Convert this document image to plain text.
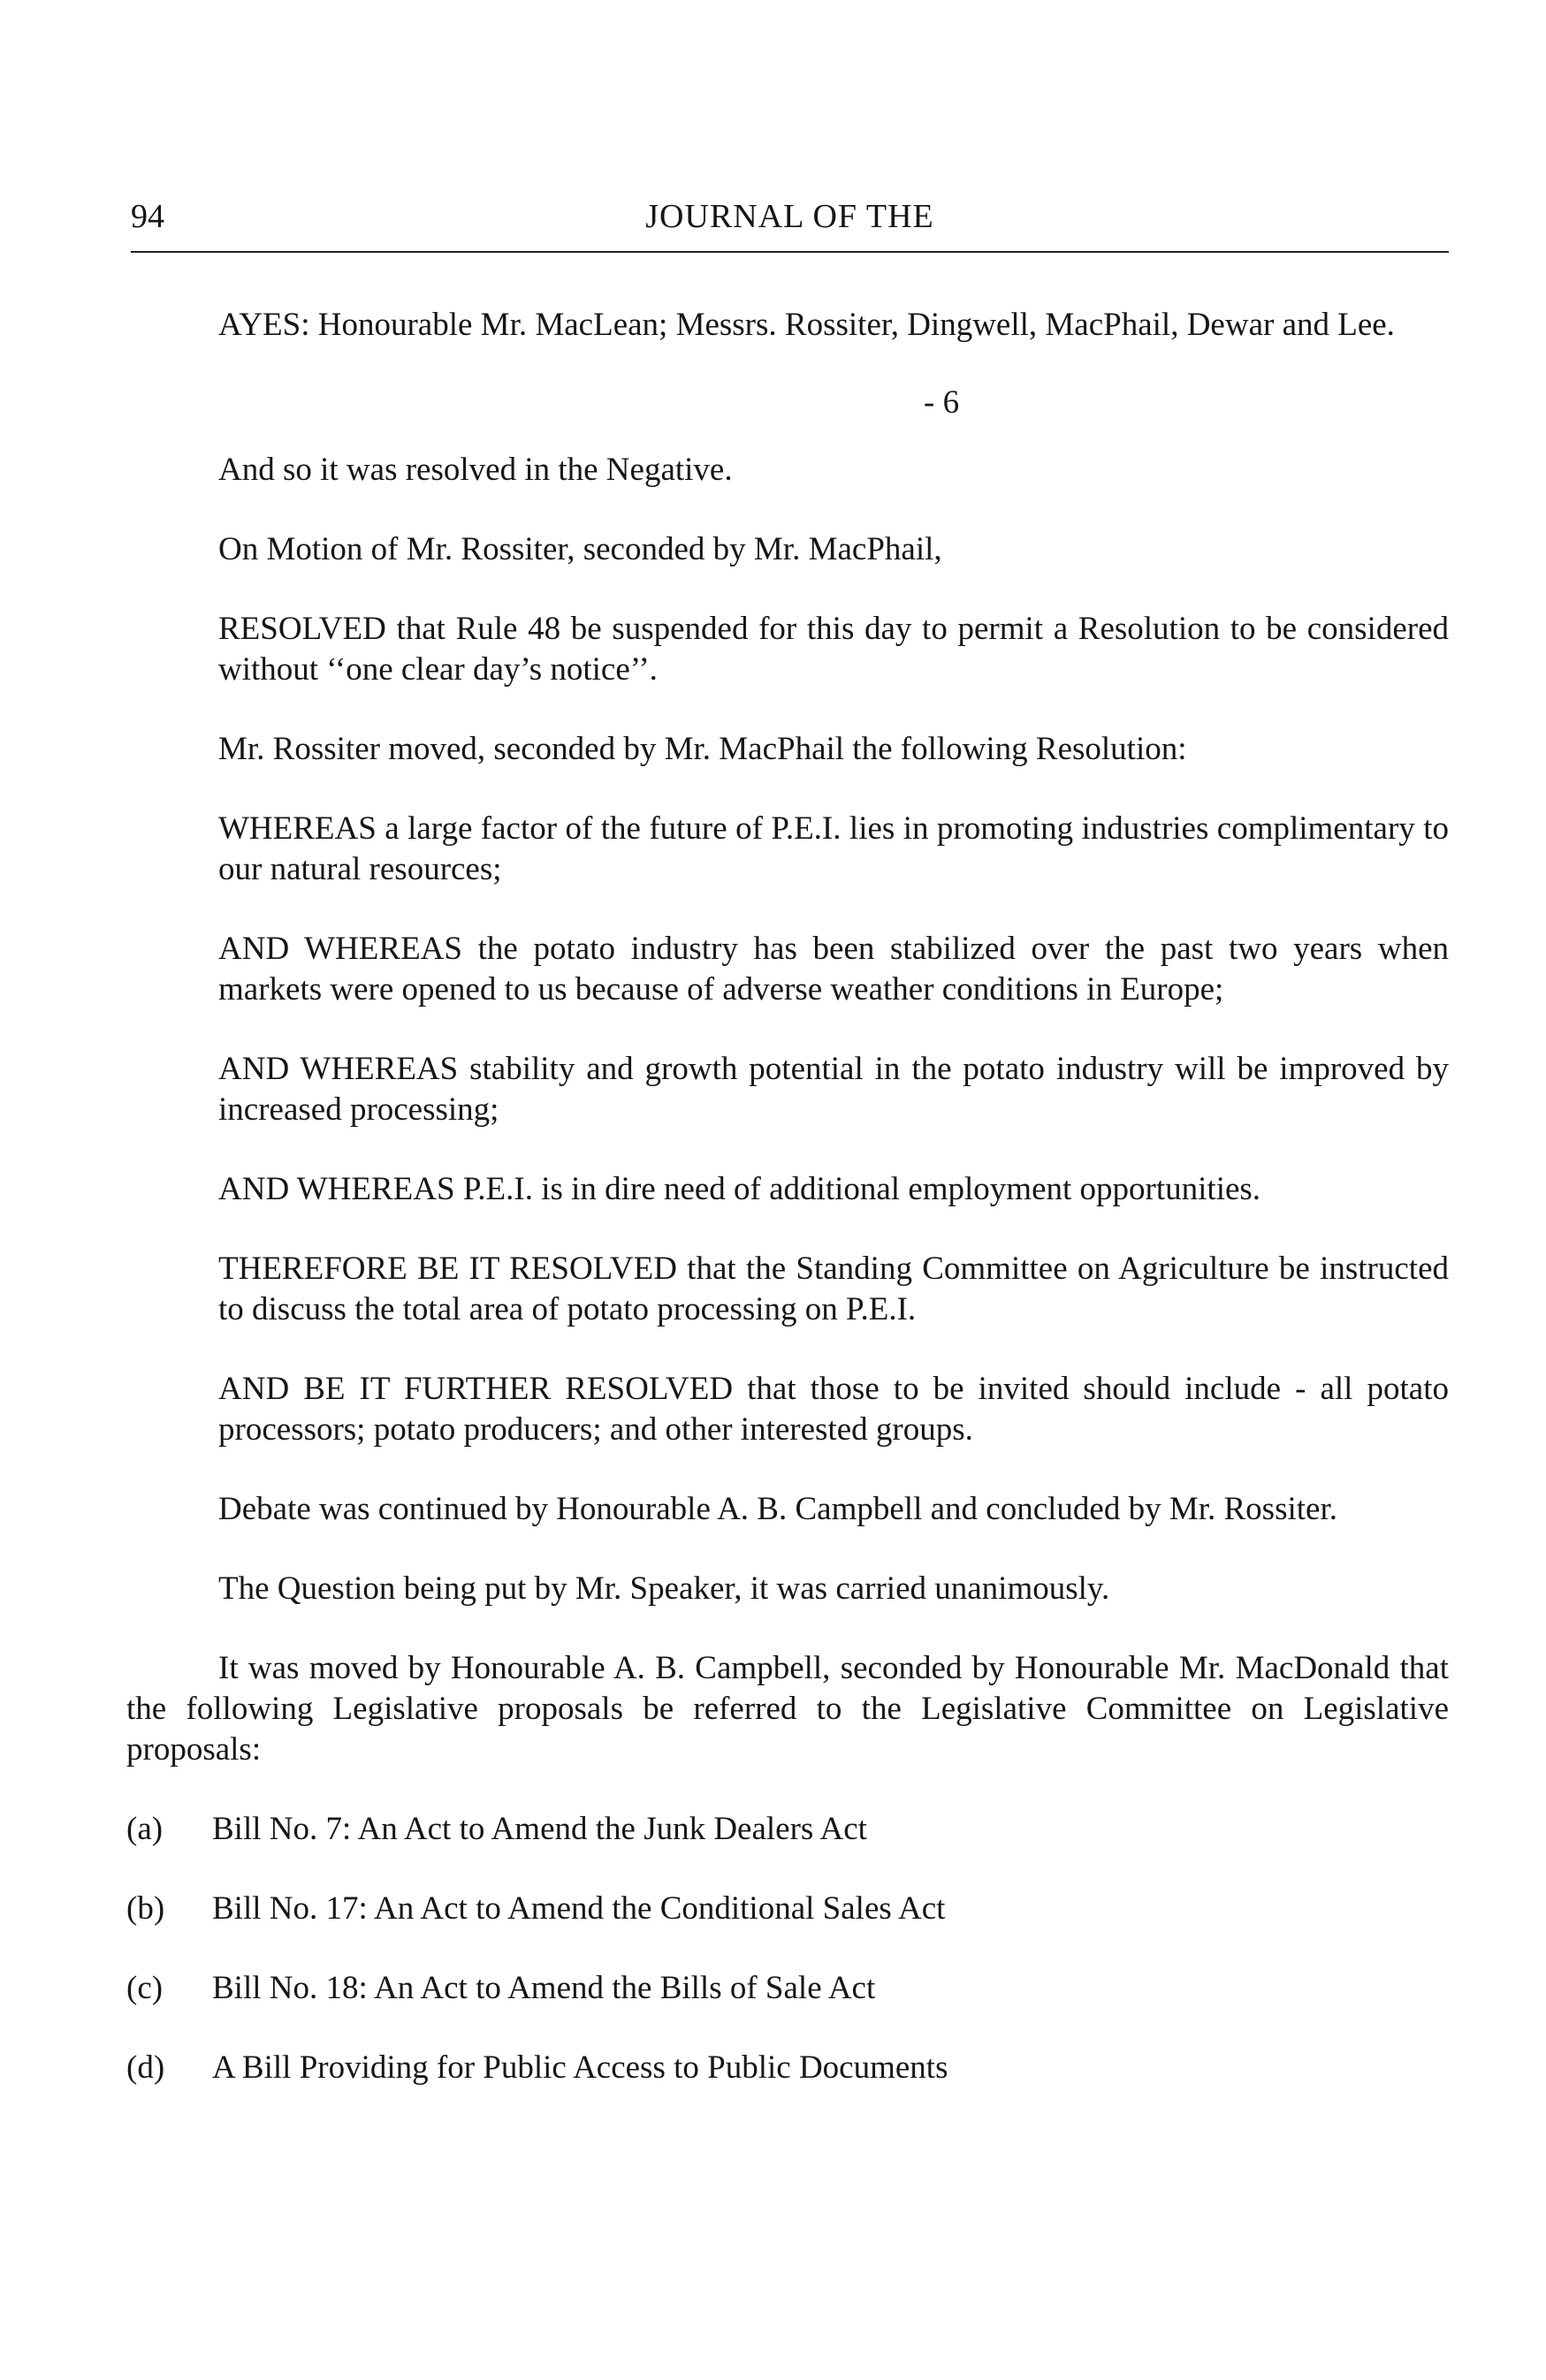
94	JOURNAL OF THE

AYES: Honourable Mr. MacLean; Messrs. Rossiter, Dingwell, MacPhail, Dewar and Lee.

- 6

And so it was resolved in the Negative.

On Motion of Mr. Rossiter, seconded by Mr. MacPhail,

RESOLVED that Rule 48 be suspended for this day to permit a Resolution to be considered without ‘‘one clear day’s notice’’.

Mr. Rossiter moved, seconded by Mr. MacPhail the following Resolution:

WHEREAS a large factor of the future of P.E.I. lies in promoting industries complimentary to our natural resources;

AND WHEREAS the potato industry has been stabilized over the past two years when markets were opened to us because of adverse weather conditions in Europe;

AND WHEREAS stability and growth potential in the potato industry will be improved by increased processing;

AND WHEREAS P.E.I. is in dire need of additional employment opportunities.

THEREFORE BE IT RESOLVED that the Standing Committee on Agriculture be instructed to discuss the total area of potato processing on P.E.I.

AND BE IT FURTHER RESOLVED that those to be invited should include - all potato processors; potato producers; and other interested groups.

Debate was continued by Honourable A. B. Campbell and concluded by Mr. Rossiter.

The Question being put by Mr. Speaker, it was carried unanimously.

It was moved by Honourable A. B. Campbell, seconded by Honourable Mr. MacDonald that the following Legislative proposals be referred to the Legislative Committee on Legislative proposals:

(a) Bill No. 7: An Act to Amend the Junk Dealers Act
(b) Bill No. 17: An Act to Amend the Conditional Sales Act
(c) Bill No. 18: An Act to Amend the Bills of Sale Act
(d) A Bill Providing for Public Access to Public Documents
